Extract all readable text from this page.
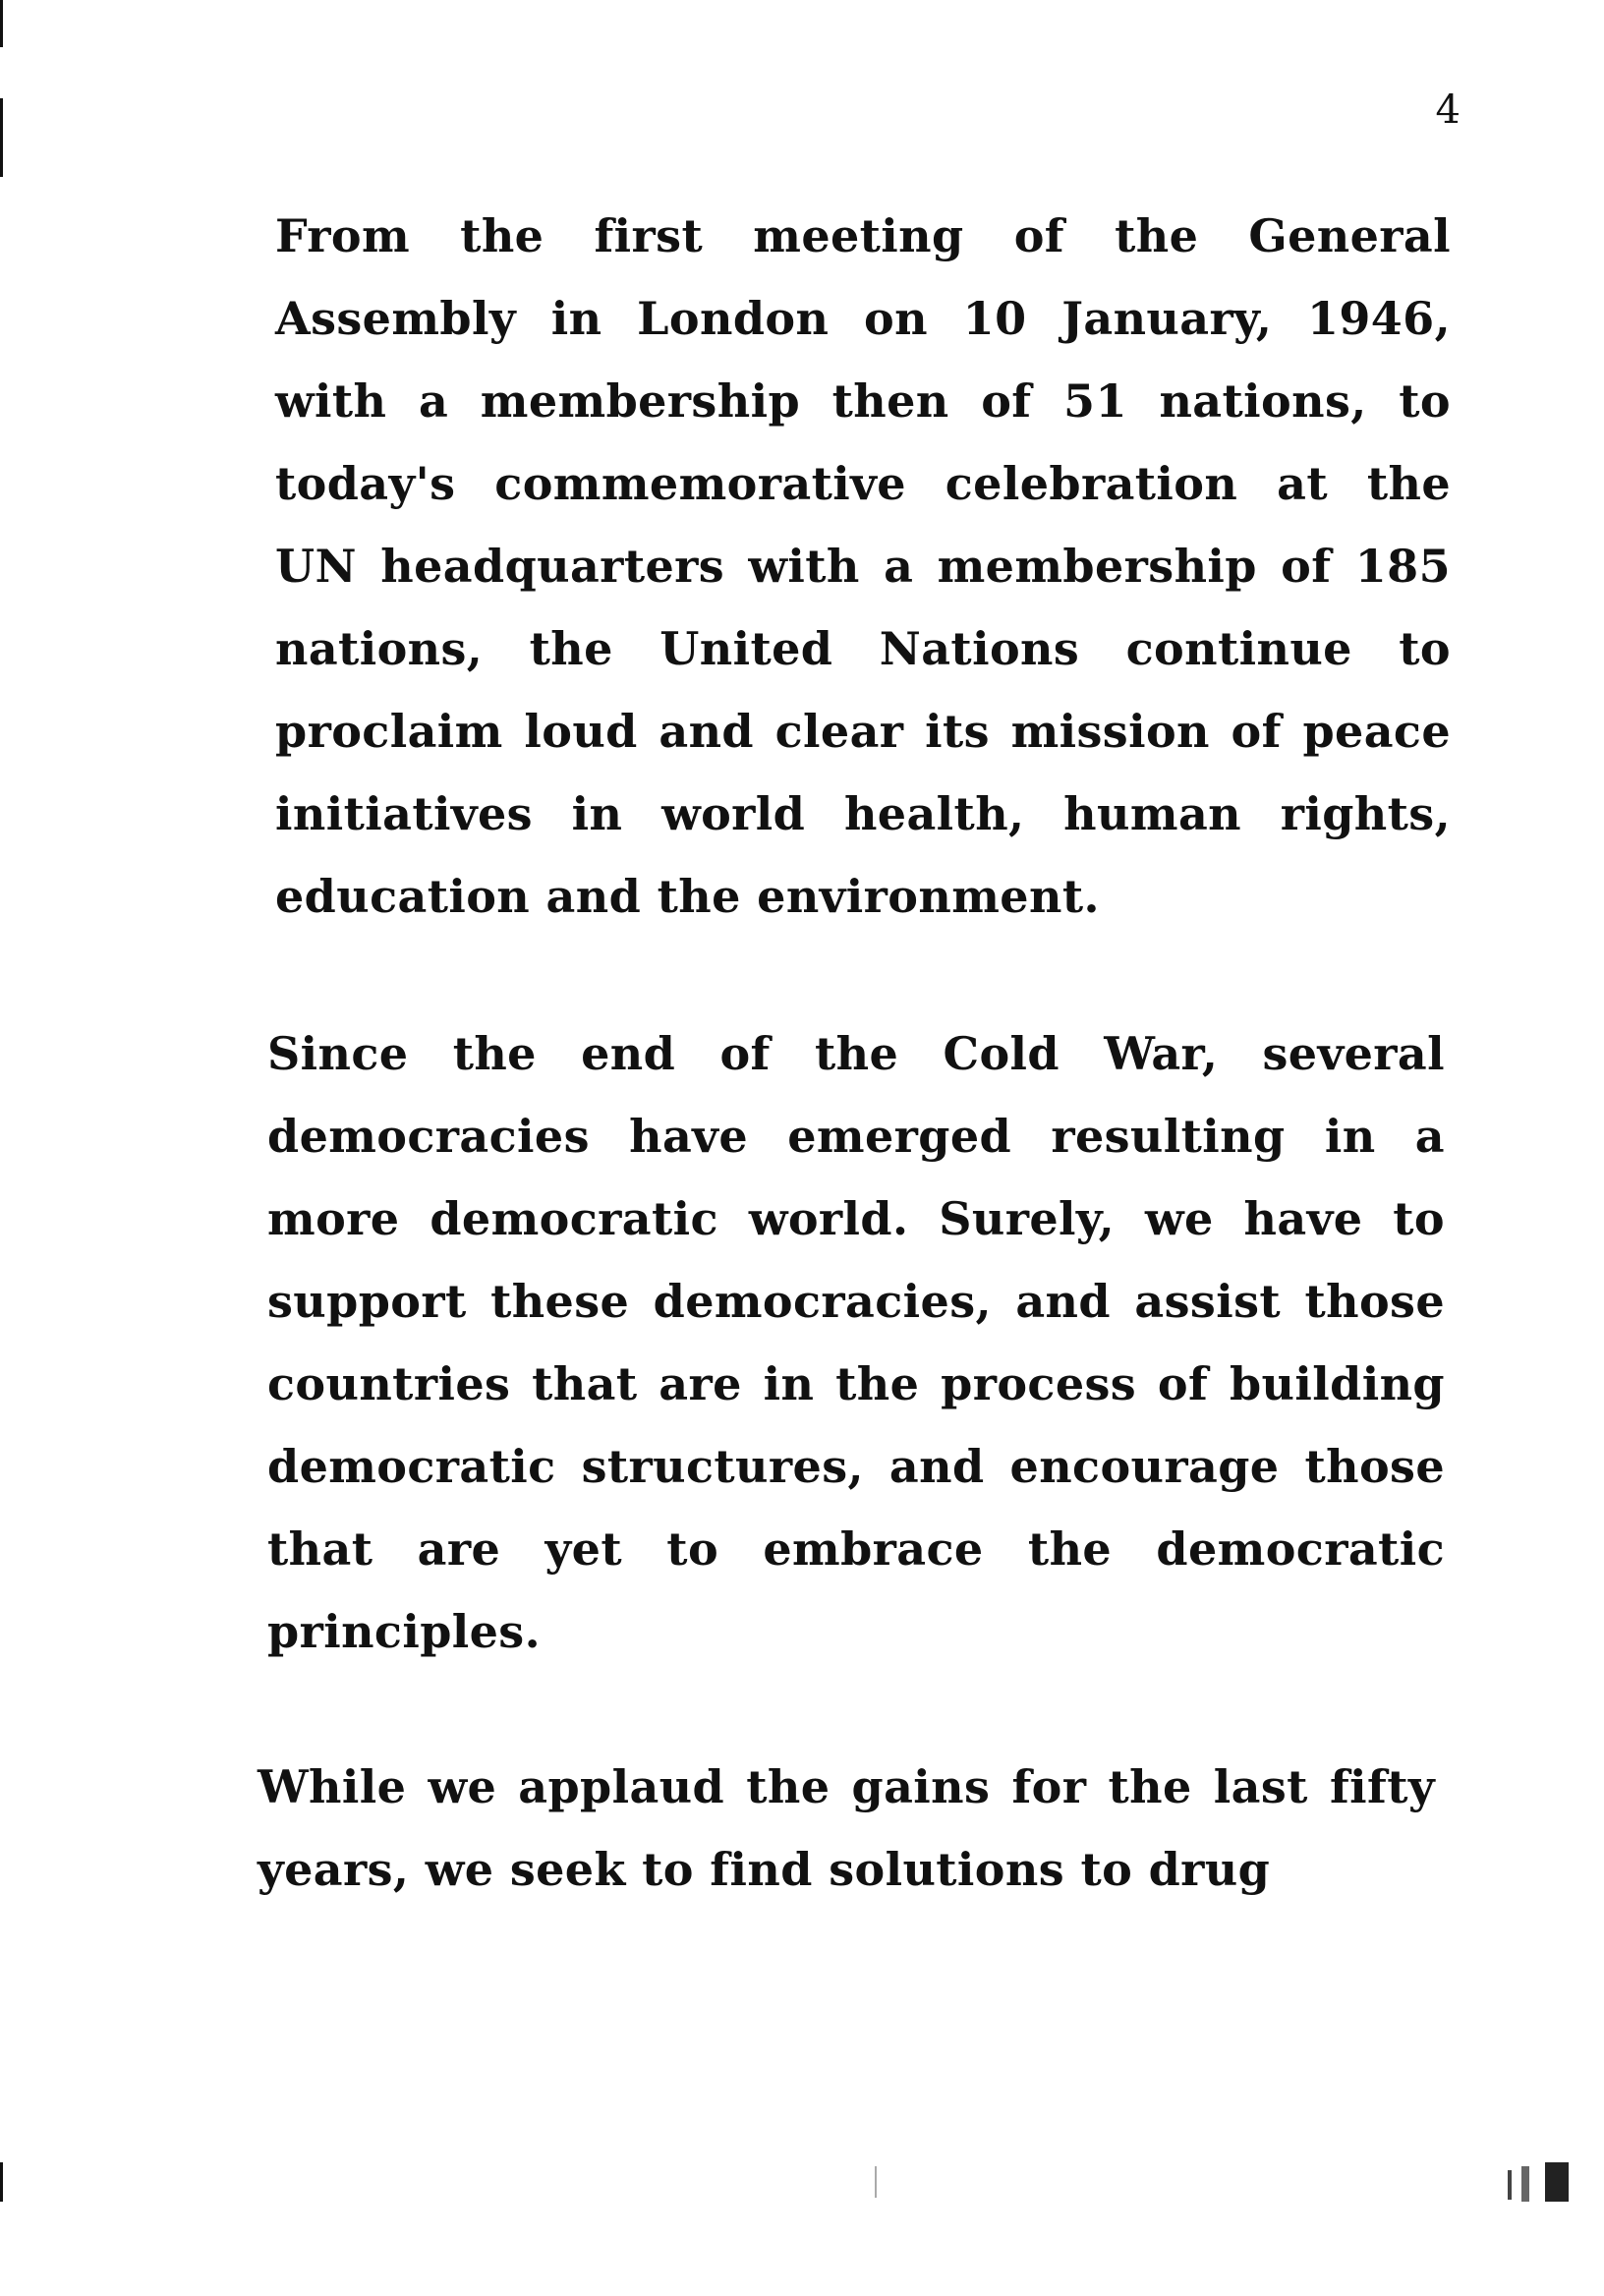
4

From the first meeting of the General Assembly in London on 10 January, 1946, with a membership then of 51 nations, to today's commemorative celebration at the UN headquarters with a membership of 185 nations, the United Nations continue to proclaim loud and clear its mission of peace initiatives in world health, human rights, education and the environment.

Since the end of the Cold War, several democracies have emerged resulting in a more democratic world. Surely, we have to support these democracies, and assist those countries that are in the process of building democratic structures, and encourage those that are yet to embrace the democratic principles.

While we applaud the gains for the last fifty years, we seek to find solutions to drug
